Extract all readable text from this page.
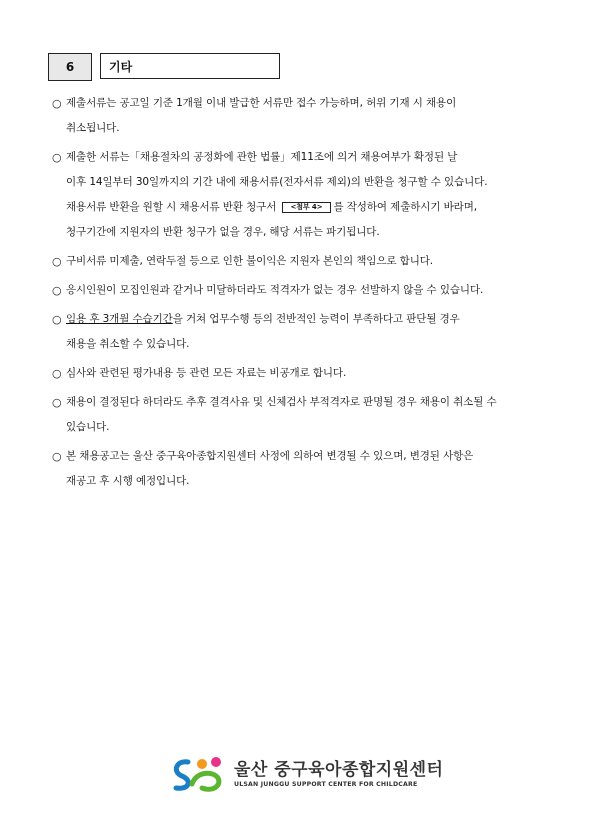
6	기타
○ 제출서류는 공고일 기준 1개월 이내 발급한 서류만 접수 가능하며, 허위 기재 시 채용이
취소됩니다.
○ 제출한 서류는「채용절차의 공정화에 관한 법률」제11조에 의거 채용여부가 확정된 날
이후 14일부터 30일까지의 기간 내에 채용서류(전자서류 제외)의 반환을 청구할 수 있습니다.
채용서류 반환을 원할 시 채용서류 반환 청구서 <첨부 4> 를 작성하여 제출하시기 바라며,
청구기간에 지원자의 반환 청구가 없을 경우, 해당 서류는 파기됩니다.
○ 구비서류 미제출, 연락두절 등으로 인한 불이익은 지원자 본인의 책임으로 합니다.
○ 응시인원이 모집인원과 같거나 미달하더라도 적격자가 없는 경우 선발하지 않을 수 있습니다.
○ 임용 후 3개월 수습기간을 거쳐 업무수행 등의 전반적인 능력이 부족하다고 판단될 경우
채용을 취소할 수 있습니다.
○ 심사와 관련된 평가내용 등 관련 모든 자료는 비공개로 합니다.
○ 채용이 결정된다 하더라도 추후 결격사유 및 신체검사 부적격자로 판명될 경우 채용이 취소될 수
있습니다.
○ 본 채용공고는 울산 중구육아종합지원센터 사정에 의하여 변경될 수 있으며, 변경된 사항은
재공고 후 시행 예정입니다.
울산 중구육아종합지원센터
ULSAN JUNGGU SUPPORT CENTER FOR CHILDCARE
